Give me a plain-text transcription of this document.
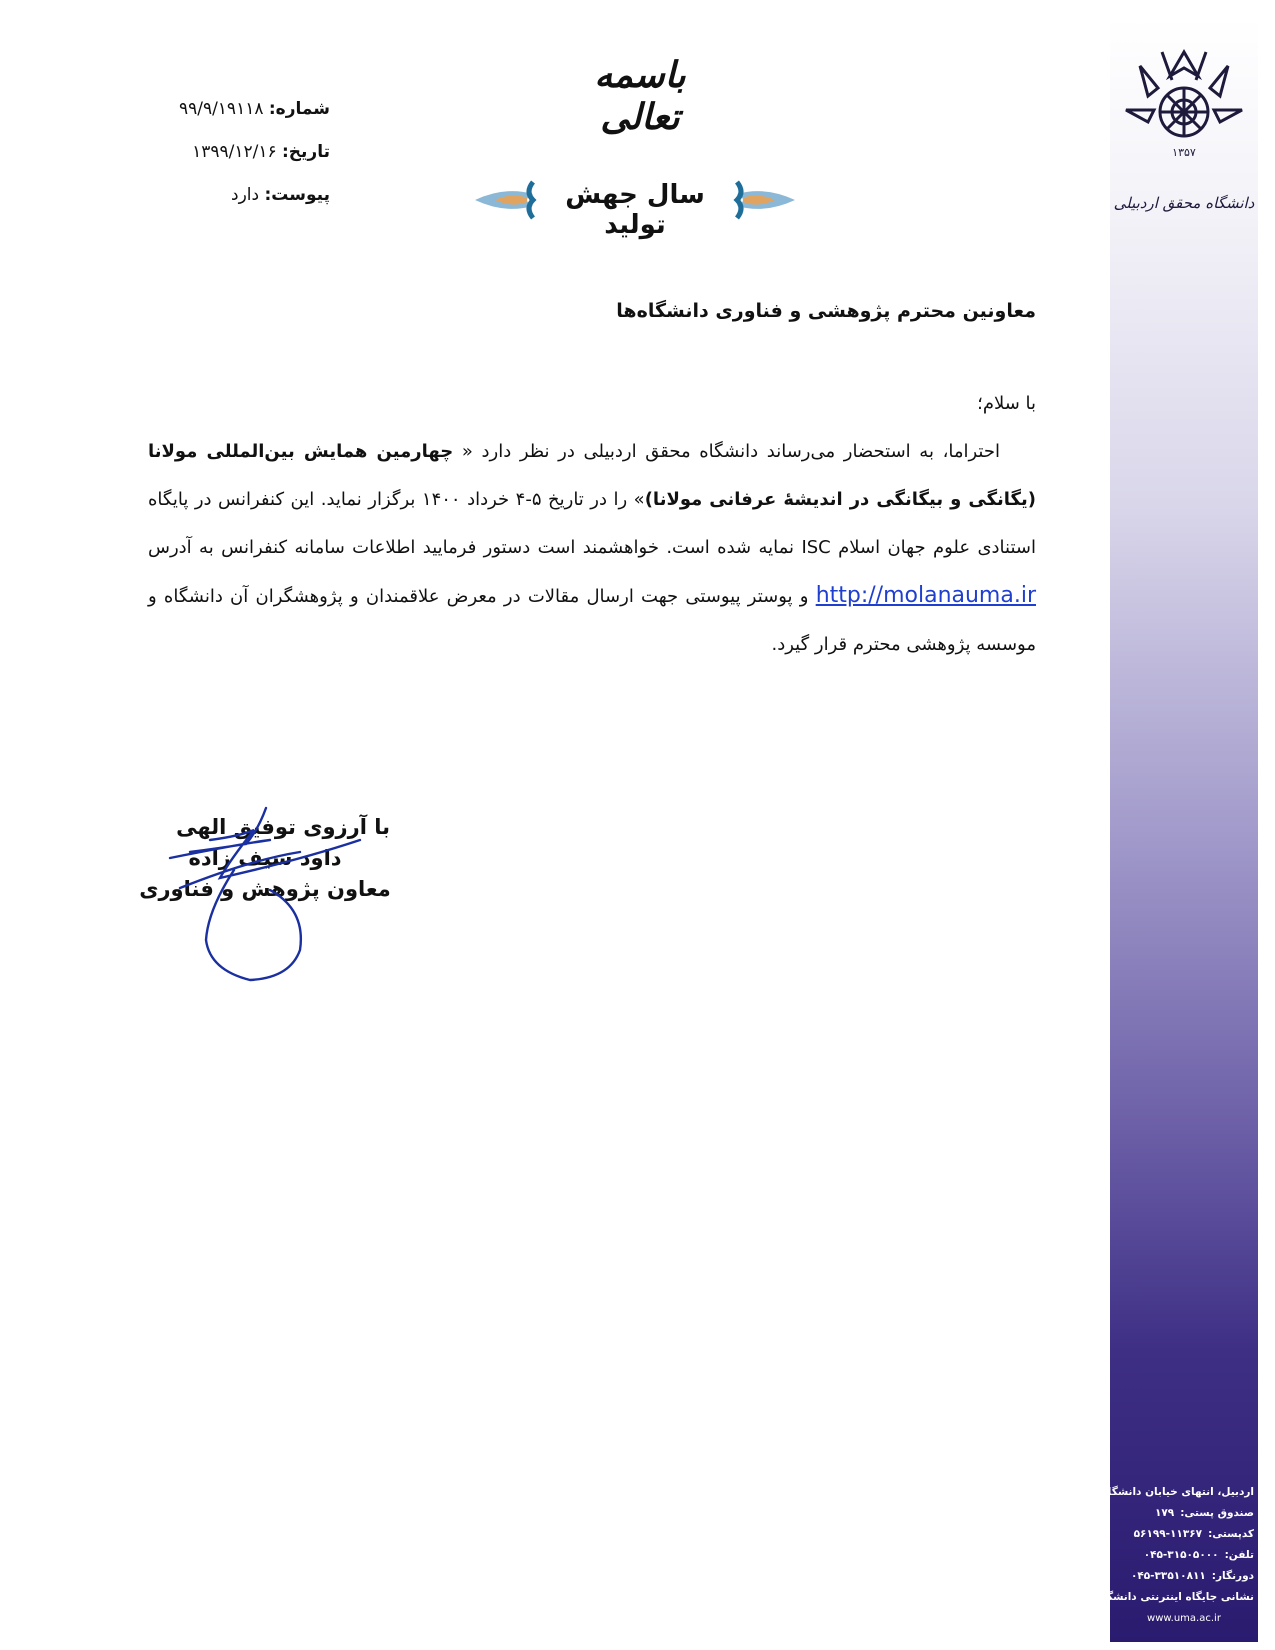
باسمه تعالی
شماره: ۹۹/۹/۱۹۱۱۸
تاریخ: ۱۳۹۹/۱۲/۱۶
پیوست: دارد	سال جهش تولید
معاونین محترم پژوهشی و فناوری دانشگاه‌ها

با سلام؛

احتراما، به استحضار می‌رساند دانشگاه محقق اردبیلی در نظر دارد « چهارمین همایش بین‌المللی مولانا (یگانگی و بیگانگی در اندیشهٔ عرفانی مولانا)» را در تاریخ ۵-۴ خرداد ۱۴۰۰ برگزار نماید. این کنفرانس در پایگاه استنادی علوم جهان اسلام ISC نمایه شده است. خواهشمند است دستور فرمایید اطلاعات سامانه کنفرانس به آدرس http://molanauma.ir و پوستر پیوستی جهت ارسال مقالات در معرض علاقمندان و پژوهشگران آن دانشگاه و موسسه پژوهشی محترم قرار گیرد.

با آرزوی توفیق الهی
داود سیف زاده
معاون پژوهش و فناوری
۱۳۵۷
دانشگاه محقق اردبیلی
اردبیل، انتهای خیابان دانشگاه
صندوق پستی:
۱۷۹
کدپستی:
۵۶۱۹۹-۱۱۳۶۷
تلفن:
۰۴۵-۳۱۵۰۵۰۰۰
دورنگار:
۰۴۵-۳۳۵۱۰۸۱۱
نشانی جایگاه اینترنتی دانشگاه
www.uma.ac.ir
